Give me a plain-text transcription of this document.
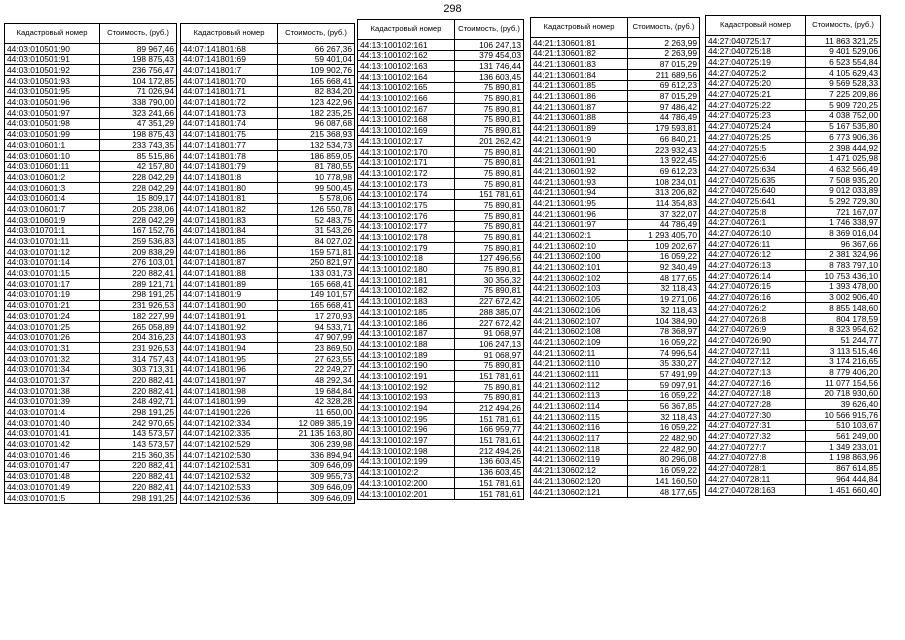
298
Кадастровый номер	Стоимость, (руб.)
44:03:010501:90	89 967,46
44:03:010501:91	198 875,43
44:03:010501:92	236 756,47
44:03:010501:93	104 172,85
44:03:010501:95	71 026,94
44:03:010501:96	338 790,00
44:03:010501:97	323 241,66
44:03:010501:98	47 351,29
44:03:010501:99	198 875,43
44:03:010601:1	233 743,35
44:03:010601:10	85 515,86
44:03:010601:11	42 157,80
44:03:010601:2	228 042,29
44:03:010601:3	228 042,29
44:03:010601:4	15 809,17
44:03:010601:7	205 238,06
44:03:010601:9	228 042,29
44:03:010701:1	167 152,76
44:03:010701:11	259 536,83
44:03:010701:12	209 838,29
44:03:010701:14	276 103,01
44:03:010701:15	220 882,41
44:03:010701:17	289 121,71
44:03:010701:19	298 191,25
44:03:010701:21	231 926,53
44:03:010701:24	182 227,99
44:03:010701:25	265 058,89
44:03:010701:26	204 316,23
44:03:010701:31	231 926,53
44:03:010701:32	314 757,43
44:03:010701:34	303 713,31
44:03:010701:37	220 882,41
44:03:010701:38	220 882,41
44:03:010701:39	248 492,71
44:03:010701:4	298 191,25
44:03:010701:40	242 970,65
44:03:010701:41	143 573,57
44:03:010701:42	143 573,57
44:03:010701:46	215 360,35
44:03:010701:47	220 882,41
44:03:010701:48	220 882,41
44:03:010701:49	220 882,41
44:03:010701:5	298 191,25
Кадастровый номер	Стоимость, (руб.)
44:07:141801:68	66 267,36
44:07:141801:69	59 401,04
44:07:141801:7	109 902,76
44:07:141801:70	165 668,41
44:07:141801:71	82 834,20
44:07:141801:72	123 422,96
44:07:141801:73	182 235,25
44:07:141801:74	96 087,68
44:07:141801:75	215 368,93
44:07:141801:77	132 534,73
44:07:141801:78	186 859,05
44:07:141801:79	81 780,55
44:07:141801:8	10 778,98
44:07:141801:80	99 500,45
44:07:141801:81	5 578,06
44:07:141801:82	126 550,78
44:07:141801:83	52 483,75
44:07:141801:84	31 543,26
44:07:141801:85	84 027,02
44:07:141801:86	159 571,81
44:07:141801:87	250 821,97
44:07:141801:88	133 031,73
44:07:141801:89	165 668,41
44:07:141801:9	149 101,57
44:07:141801:90	165 668,41
44:07:141801:91	17 270,93
44:07:141801:92	94 533,71
44:07:141801:93	47 907,99
44:07:141801:94	23 869,50
44:07:141801:95	27 623,55
44:07:141801:96	22 249,27
44:07:141801:97	48 292,34
44:07:141801:98	19 684,84
44:07:141801:99	42 328,28
44:07:141901:226	11 650,00
44:07:142102:334	12 089 385,19
44:07:142102:335	21 135 163,80
44:07:142102:529	306 239,98
44:07:142102:530	336 894,94
44:07:142102:531	309 646,09
44:07:142102:532	309 955,73
44:07:142102:533	309 646,09
44:07:142102:536	309 646,09
Кадастровый номер	Стоимость, (руб.)
44:13:100102:161	106 247,13
44:13:100102:162	379 454,03
44:13:100102:163	131 746,44
44:13:100102:164	136 603,45
44:13:100102:165	75 890,81
44:13:100102:166	75 890,81
44:13:100102:167	75 890,81
44:13:100102:168	75 890,81
44:13:100102:169	75 890,81
44:13:100102:17	201 262,42
44:13:100102:170	75 890,81
44:13:100102:171	75 890,81
44:13:100102:172	75 890,81
44:13:100102:173	75 890,81
44:13:100102:174	151 781,61
44:13:100102:175	75 890,81
44:13:100102:176	75 890,81
44:13:100102:177	75 890,81
44:13:100102:178	75 890,81
44:13:100102:179	75 890,81
44:13:100102:18	127 496,56
44:13:100102:180	75 890,81
44:13:100102:181	30 356,32
44:13:100102:182	75 890,81
44:13:100102:183	227 672,42
44:13:100102:185	288 385,07
44:13:100102:186	227 672,42
44:13:100102:187	91 068,97
44:13:100102:188	106 247,13
44:13:100102:189	91 068,97
44:13:100102:190	75 890,81
44:13:100102:191	151 781,61
44:13:100102:192	75 890,81
44:13:100102:193	75 890,81
44:13:100102:194	212 494,26
44:13:100102:195	151 781,61
44:13:100102:196	166 959,77
44:13:100102:197	151 781,61
44:13:100102:198	212 494,26
44:13:100102:199	136 603,45
44:13:100102:2	136 603,45
44:13:100102:200	151 781,61
44:13:100102:201	151 781,61
Кадастровый номер	Стоимость, (руб.)
44:21:130601:81	2 263,99
44:21:130601:82	2 263,99
44:21:130601:83	87 015,29
44:21:130601:84	211 689,56
44:21:130601:85	69 612,23
44:21:130601:86	87 015,29
44:21:130601:87	97 486,42
44:21:130601:88	44 786,49
44:21:130601:89	179 593,81
44:21:130601:9	66 840,21
44:21:130601:90	223 932,43
44:21:130601:91	13 922,45
44:21:130601:92	69 612,23
44:21:130601:93	108 234,01
44:21:130601:94	313 206,82
44:21:130601:95	114 354,83
44:21:130601:96	37 322,07
44:21:130601:97	44 786,49
44:21:130602:1	1 293 405,70
44:21:130602:10	109 202,67
44:21:130602:100	16 059,22
44:21:130602:101	92 340,49
44:21:130602:102	48 177,65
44:21:130602:103	32 118,43
44:21:130602:105	19 271,06
44:21:130602:106	32 118,43
44:21:130602:107	104 384,90
44:21:130602:108	78 368,97
44:21:130602:109	16 059,22
44:21:130602:11	74 996,54
44:21:130602:110	35 330,27
44:21:130602:111	57 491,99
44:21:130602:112	59 097,91
44:21:130602:113	16 059,22
44:21:130602:114	56 367,85
44:21:130602:115	32 118,43
44:21:130602:116	16 059,22
44:21:130602:117	22 482,90
44:21:130602:118	22 482,90
44:21:130602:119	80 296,08
44:21:130602:12	16 059,22
44:21:130602:120	141 160,50
44:21:130602:121	48 177,65
Кадастровый номер	Стоимость, (руб.)
44:27:040725:17	11 863 321,25
44:27:040725:18	9 401 529,06
44:27:040725:19	6 523 554,84
44:27:040725:2	4 105 629,43
44:27:040725:20	9 569 528,33
44:27:040725:21	7 225 209,86
44:27:040725:22	5 909 720,25
44:27:040725:23	4 038 752,00
44:27:040725:24	5 167 535,80
44:27:040725:25	6 773 906,36
44:27:040725:5	2 398 444,92
44:27:040725:6	1 471 025,98
44:27:040725:634	4 632 566,49
44:27:040725:635	7 508 935,20
44:27:040725:640	9 012 033,89
44:27:040725:641	5 292 729,30
44:27:040725:8	721 167,07
44:27:040726:1	1 746 338,97
44:27:040726:10	8 369 016,04
44:27:040726:11	96 367,66
44:27:040726:12	2 381 324,96
44:27:040726:13	8 783 797,10
44:27:040726:14	10 753 436,10
44:27:040726:15	1 393 478,00
44:27:040726:16	3 002 906,40
44:27:040726:2	8 855 148,60
44:27:040726:8	804 178,59
44:27:040726:9	8 323 954,62
44:27:040726:90	51 244,77
44:27:040727:11	3 113 515,46
44:27:040727:12	3 174 216,65
44:27:040727:13	8 779 406,20
44:27:040727:16	11 077 154,56
44:27:040727:18	20 718 930,60
44:27:040727:28	39 626,40
44:27:040727:30	10 566 915,76
44:27:040727:31	510 103,67
44:27:040727:32	561 249,00
44:27:040727:7	1 349 233,01
44:27:040727:8	1 198 863,96
44:27:040728:1	867 614,85
44:27:040728:11	964 444,84
44:27:040728:163	1 451 660,40
